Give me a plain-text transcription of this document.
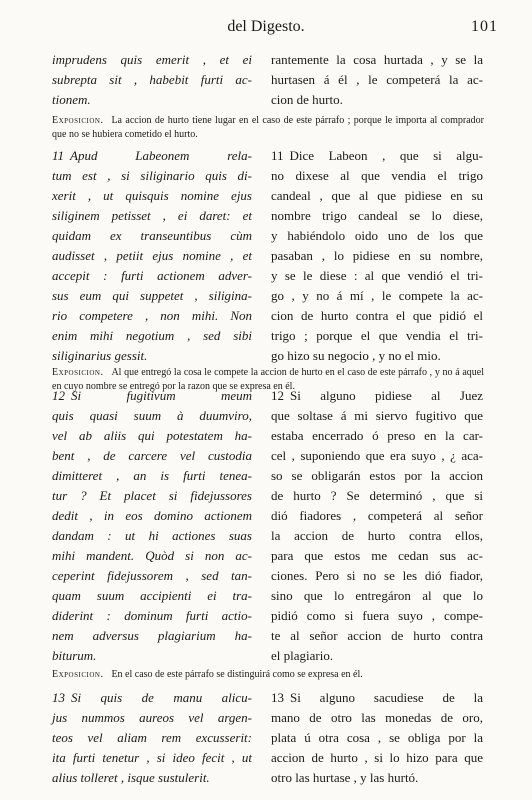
del Digesto.	101
imprudens quis emerit , et ei
subrepta sit , habebit furti ac-
tionem.
rantemente la cosa hurtada , y se la
hurtasen á él , le competerá la ac-
cion de hurto.
Exposicion. La accion de hurto tiene lugar en el caso de este párrafo ; porque le importa al comprador que no se hubiera cometido el hurto.
11 Apud Labeonem rela-
tum est , si siliginario quis di-
xerit , ut quisquis nomine ejus
siliginem petisset , ei daret: et
quidam ex transeuntibus cùm
audisset , petiit ejus nomine , et
accepit : furti actionem adver-
sus eum qui suppetet , siligina-
rio competere , non mihi. Non
enim mihi negotium , sed sibi
siliginarius gessit.
11 Dice Labeon , que si algu-
no dixese al que vendia el trigo
candeal , que al que pidiese en su
nombre trigo candeal se lo diese,
y habiéndolo oido uno de los que
pasaban , lo pidiese en su nombre,
y se le diese : al que vendió el tri-
go , y no á mí , le compete la ac-
cion de hurto contra el que pidió el
trigo ; porque el que vendia el tri-
go hizo su negocio , y no el mio.
Exposicion. Al que entregó la cosa le compete la accion de hurto en el caso de este párrafo , y no á aquel en cuyo nombre se entregó por la razon que se expresa en él.
12 Si fugitivum meum
quis quasi suum à duumviro,
vel ab aliis qui potestatem ha-
bent , de carcere vel custodia
dimitteret , an is furti tenea-
tur ? Et placet si fidejussores
dedit , in eos domino actionem
dandam : ut hi actiones suas
mihi mandent. Quòd si non ac-
ceperint fidejussorem , sed tan-
quam suum accipienti ei tra-
diderint : dominum furti actio-
nem adversus plagiarium ha-
biturum.
12 Si alguno pidiese al Juez
que soltase á mi siervo fugitivo que
estaba encerrado ó preso en la car-
cel , suponiendo que era suyo , ¿ aca-
so se obligarán estos por la accion
de hurto ? Se determinó , que si
dió fiadores , competerá al señor
la accion de hurto contra ellos,
para que estos me cedan sus ac-
ciones. Pero si no se les dió fiador,
sino que lo entregáron al que lo
pidió como si fuera suyo , compe-
te al señor accion de hurto contra
el plagiario.
Exposicion. En el caso de este párrafo se distinguirá como se expresa en él.
13 Si quis de manu alicu-
jus nummos aureos vel argen-
teos vel aliam rem excusserit:
ita furti tenetur , si ideo fecit , ut
alius tolleret , isque sustulerit.
13 Si alguno sacudiese de la
mano de otro las monedas de oro,
plata ú otra cosa , se obliga por la
accion de hurto , si lo hizo para que
otro las hurtase , y las hurtó.
